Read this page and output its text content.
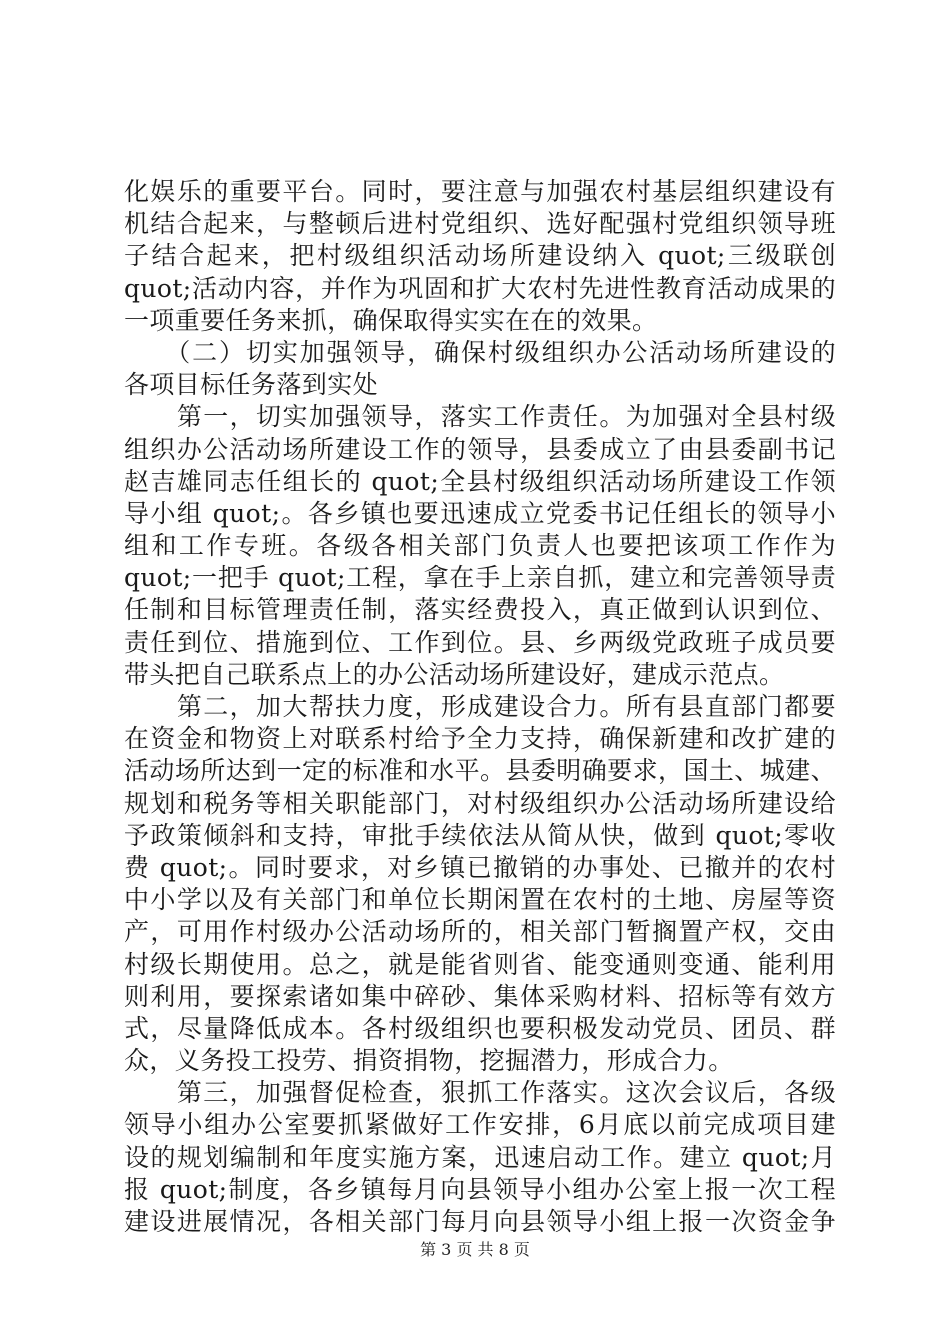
化娱乐的重要平台。同时，要注意与加强农村基层组织建设有
机结合起来，与整顿后进村党组织、选好配强村党组织领导班
子结合起来，把村级组织活动场所建设纳入 quot;三级联创
quot;活动内容，并作为巩固和扩大农村先进性教育活动成果的
一项重要任务来抓，确保取得实实在在的效果。
　　（二）切实加强领导，确保村级组织办公活动场所建设的
各项目标任务落到实处
　　第一，切实加强领导，落实工作责任。为加强对全县村级
组织办公活动场所建设工作的领导，县委成立了由县委副书记
赵吉雄同志任组长的 quot;全县村级组织活动场所建设工作领
导小组 quot;。各乡镇也要迅速成立党委书记任组长的领导小
组和工作专班。各级各相关部门负责人也要把该项工作作为
quot;一把手 quot;工程，拿在手上亲自抓，建立和完善领导责
任制和目标管理责任制，落实经费投入，真正做到认识到位、
责任到位、措施到位、工作到位。县、乡两级党政班子成员要
带头把自己联系点上的办公活动场所建设好，建成示范点。
　　第二，加大帮扶力度，形成建设合力。所有县直部门都要
在资金和物资上对联系村给予全力支持，确保新建和改扩建的
活动场所达到一定的标准和水平。县委明确要求，国土、城建、
规划和税务等相关职能部门，对村级组织办公活动场所建设给
予政策倾斜和支持，审批手续依法从简从快，做到 quot;零收
费 quot;。同时要求，对乡镇已撤销的办事处、已撤并的农村
中小学以及有关部门和单位长期闲置在农村的土地、房屋等资
产，可用作村级办公活动场所的，相关部门暂搁置产权，交由
村级长期使用。总之，就是能省则省、能变通则变通、能利用
则利用，要探索诸如集中碎砂、集体采购材料、招标等有效方
式，尽量降低成本。各村级组织也要积极发动党员、团员、群
众，义务投工投劳、捐资捐物，挖掘潜力，形成合力。
　　第三，加强督促检查，狠抓工作落实。这次会议后，各级
领导小组办公室要抓紧做好工作安排，6月底以前完成项目建
设的规划编制和年度实施方案，迅速启动工作。建立 quot;月
报 quot;制度，各乡镇每月向县领导小组办公室上报一次工程
建设进展情况，各相关部门每月向县领导小组上报一次资金争
第 3 页 共 8 页
